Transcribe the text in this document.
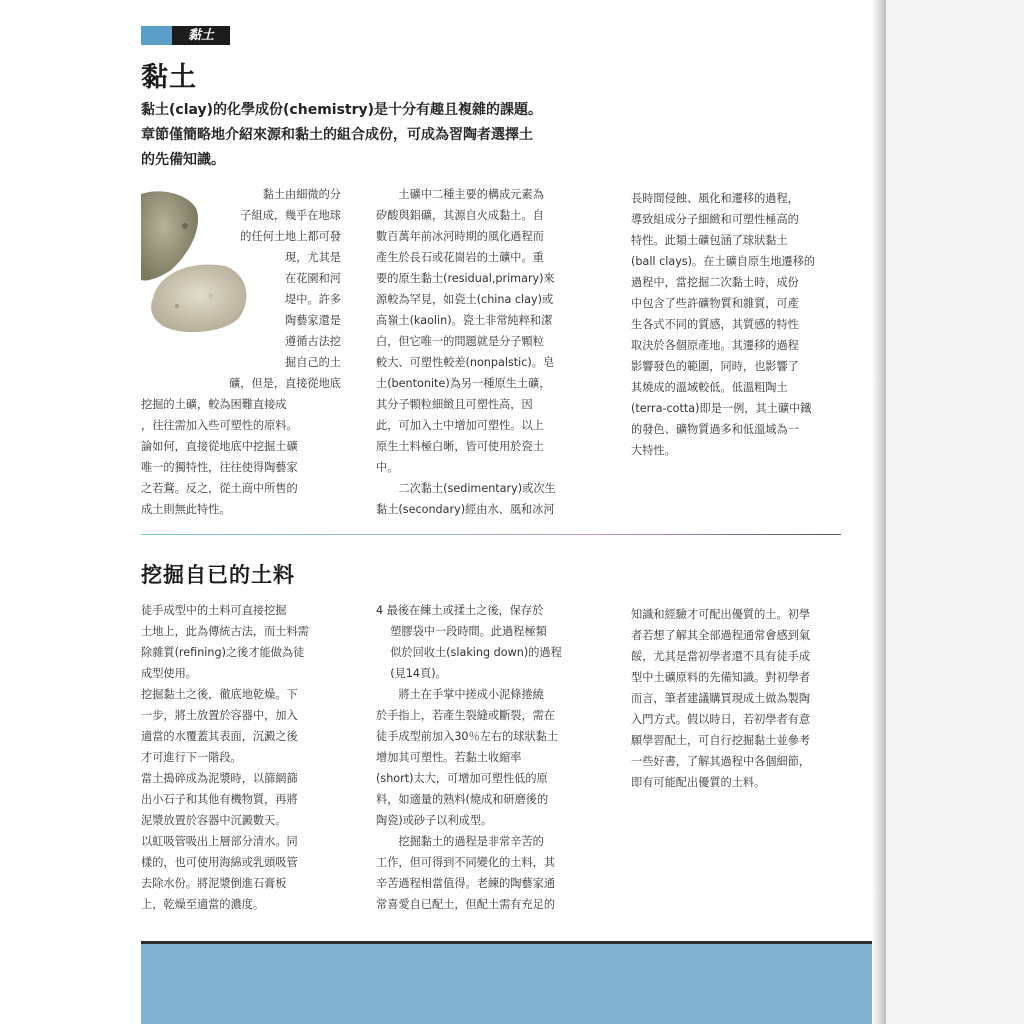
黏土
黏土

黏土(clay)的化學成份(chemistry)是十分有趣且複雜的課題。

章節僅簡略地介紹來源和黏土的組合成份，可成為習陶者選擇土

的先備知識。

黏土由細微的分

子組成，幾乎在地球

的任何土地上都可發

現，尤其是

在花園和河

堤中。許多

陶藝家還是

遵循古法挖

掘自己的土

礦，但是，直接從地底

挖掘的土礦，較為困難直接成

，往往需加入些可塑性的原料。

論如何，直接從地底中挖掘土礦

唯一的獨特性，往往使得陶藝家

之若鶩。反之，從土商中所售的

成土則無此特性。

土礦中二種主要的構成元素為

矽酸與鋁礦，其源自火成黏土。自

數百萬年前冰河時期的風化過程而

產生於長石或花崗岩的土礦中。重

要的原生黏土(residual,primary)來

源較為罕見，如瓷土(china clay)或

高嶺土(kaolin)。瓷土非常純粹和潔

白，但它唯一的問題就是分子顆粒

較大、可塑性較差(nonpalstic)。皂

土(bentonite)為另一種原生土礦，

其分子顆粒細緻且可塑性高，因

此，可加入土中增加可塑性。以上

原生土料極白晰，皆可使用於瓷土

中。

二次黏土(sedimentary)或次生

黏土(secondary)經由水、風和冰河

長時間侵蝕、風化和遷移的過程，

導致組成分子細緻和可塑性極高的

特性。此類土礦包涵了球狀黏土

(ball clays)。在土礦自原生地遷移的

過程中，當挖掘二次黏土時，成份

中包含了些許礦物質和雜質，可產

生各式不同的質感，其質感的特性

取決於各個原產地。其遷移的過程

影響發色的範圍，同時，也影響了

其燒成的溫域較低。低溫粗陶土

(terra-cotta)即是一例，其土礦中鐵

的發色、礦物質過多和低溫域為一

大特性。

挖掘自已的土料

徒手成型中的土料可直接挖掘

土地上，此為傳統古法，而土料需

除雜質(refining)之後才能做為徒

成型使用。

挖掘黏土之後，徹底地乾燥。下

一步，將土放置於容器中，加入

適當的水覆蓋其表面，沉澱之後

才可進行下一階段。

當土搗碎成為泥漿時，以篩網篩

出小石子和其他有機物質，再將

泥漿放置於容器中沉澱數天。

以虹吸管吸出上層部分清水。同

樣的，也可使用海綿或乳頭吸管

去除水份。將泥漿倒進石膏板

上，乾燥至適當的濃度。

4 最後在練土或揉土之後，保存於

塑膠袋中一段時間。此過程極類

似於回收土(slaking down)的過程

(見14頁)。

將土在手掌中搓成小泥條捲繞

於手指上，若產生裂縫或斷裂，需在

徒手成型前加入30％左右的球狀黏土

增加其可塑性。若黏土收縮率

(short)太大，可增加可塑性低的原

料，如適量的熟料(燒成和研磨後的

陶瓷)或砂子以利成型。

挖掘黏土的過程是非常辛苦的

工作，但可得到不同變化的土料，其

辛苦過程相當值得。老練的陶藝家通

常喜愛自已配土，但配土需有充足的

知識和經驗才可配出優質的土。初學

者若想了解其全部過程通常會感到氣

餒，尤其是當初學者還不具有徒手成

型中土礦原料的先備知識。對初學者

而言，筆者建議購買現成土做為製陶

入門方式。假以時日，若初學者有意

願學習配土，可自行挖掘黏土並參考

一些好書，了解其過程中各個細節，

即有可能配出優質的土料。
